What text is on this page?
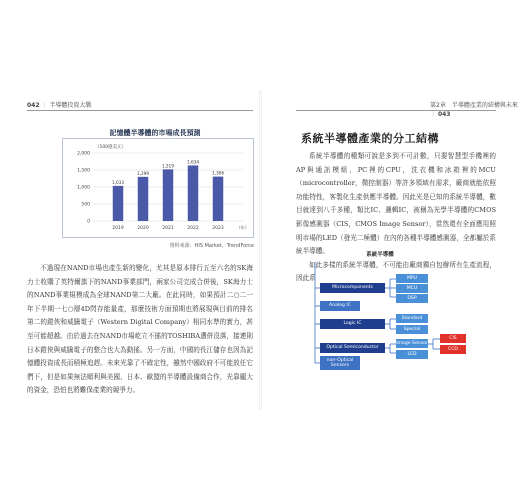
042 ｜ 半導體投資大戰
記憶體半導體的市場成長預測
（100億美元）
0
500
1,000
1,500
2,000
1,033
1,299
1,519
1,634
1,306
2019	2020	2021	2022	2023	（年）
資料來源：HIS Market、TrendForce

不過現在NAND市場也產生新的變化，尤其是原本排行五至六名的SK海力士收購了英特爾旗下的NAND事業部門，兩家公司完成合併後，SK海力士的NAND事業規模成為全球NAND第二大廠。在此同時，如果預計二○二一年下半期一七○層4D閃存能量產，那麼技術方面預期也將展現與目前的排名第二的鎧俠和威騰電子（Western Digital Company）相同水準的實力，甚至可能超越。由於過去在NAND市場屹立不搖的TOSHIBA遭併沒落，接連則日本鎧俠與威騰電子的整合也大為動搖。另一方面，中國的長江儲存也因為記憶體投資成長而積極追趕。未來光靠了不確定性，雖然中國政府不可能放任它們下，但是如果無法順利與美國、日本、歐盟的半導體設備商合作，光靠龐大的資金，恐怕也將難保產業的競爭力。

第2章　半導體產業的結構與未來 ｜ 043
系統半導體產業的分工結構

系統半導體的種類可說是多到不可計數，只要智慧型手機裡的AP與通訊模組，PC裡的CPU，洗衣機和冰箱裡的MCU（microcontroller，微控制器）等許多領域有需求，廠商就能依照功能特性，客製化生產供應半導體。因此光是已知的系統半導體，數目就達到八千多種，類比IC、邏輯IC，被稱為光學半導體的CMOS影像感測器（CIS，CMOS Image Sensor），當然還有全面應用照明市場的LED（發光二極體）在內的各種半導體感測器，全都屬於系統半導體。

如此多樣的系統半導體，不可能由廠商獨自包辦所有生產流程，因此系

系統半導體
Microcomponents
MPU
MCU
DSP
Analog IC
Logic IC
Standard
Special
Optical Semiconductor
Image Sensor
LED
CIS
CCD
non-Optical Sensors
